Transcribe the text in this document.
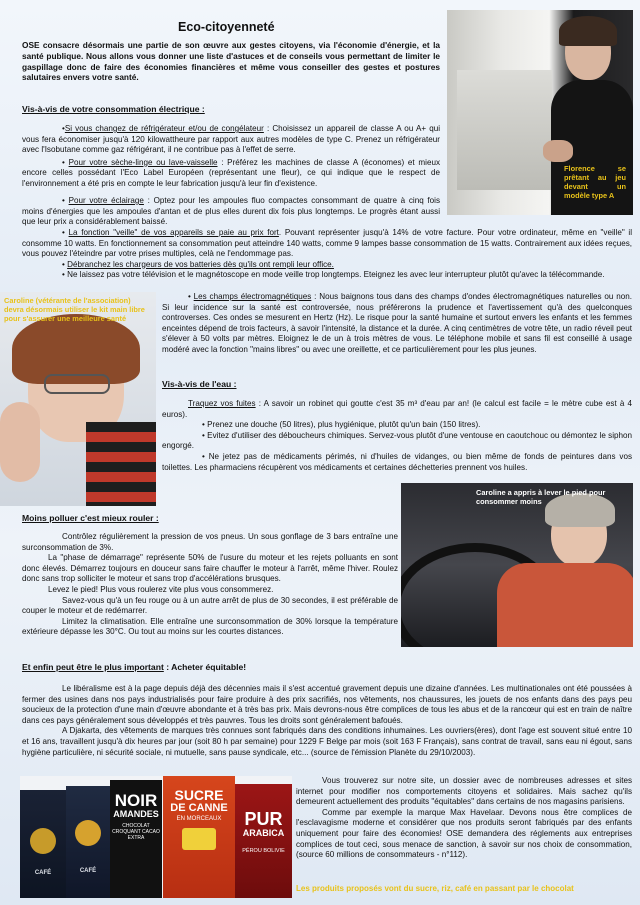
Eco-citoyenneté
OSE consacre désormais une partie de son œuvre aux gestes citoyens, via l'économie d'énergie, et la santé publique. Nous allons vous donner une liste d'astuces et de conseils vous permettant de limiter le gaspillage donc de faire des économies financières et même vous conseiller des gestes et postures salutaires envers votre santé.
Florence se prêtant au jeu devant un modèle type A
Vis-à-vis de votre consommation électrique :

•Si vous changez de réfrigérateur et/ou de congélateur : Choisissez un appareil de classe A ou A+ qui vous fera économiser jusqu'à 120 kilowattheure par rapport aux autres modèles de type C. Prenez un réfrigérateur avec l'Isobutane comme gaz réfrigérant, il ne contribue pas à l'effet de serre.

• Pour votre sèche-linge ou lave-vaisselle : Préférez les machines de classe A (économes) et mieux encore celles possédant l'Eco Label Européen (représentant une fleur), ce qui indique que le respect de l'environnement a été pris en compte le leur fabrication jusqu'à leur fin d'existence.

• Pour votre éclairage : Optez pour les ampoules fluo compactes consommant de quatre à cinq fois moins d'énergies que les ampoules d'antan et de plus elles durent dix fois plus longtemps. Le progrès étant aussi que leur prix a considérablement baissé.

• La fonction "veille" de vos appareils se paie au prix fort. Pouvant représenter jusqu'à 14% de votre facture. Pour votre ordinateur, même en "veille" il consomme 10 watts. En fonctionnement sa consommation peut atteindre 140 watts, comme 9 lampes basse consommation de 15 watts. Contrairement aux idées reçues, vous pouvez l'éteindre par votre prises multiples, celà ne l'endommage pas.

• Débranchez les chargeurs de vos batteries dès qu'ils ont rempli leur office.

• Ne laissez pas votre télévision et le magnétoscope en mode veille trop longtemps. Eteignez les avec leur interrupteur plutôt qu'avec la télécommande.

Caroline (vétérante de l'association) devra désormais utiliser le kit main libre pour s'assurer une meilleure santé

• Les champs électromagnétiques : Nous baignons tous dans des champs d'ondes électromagnétiques naturelles ou non. Si leur incidence sur la santé est controversée, nous préférerons la prudence et l'avertissement qu'à des quelconques controverses. Ces ondes se mesurent en Hertz (Hz). Le risque pour la santé humaine et surtout envers les enfants et les femmes enceintes dépend de trois facteurs, à savoir l'intensité, la distance et la durée. A cinq centimètres de votre tête, un radio réveil peut s'élever à 50 volts par mètres. Eloignez le de un à trois mètres de vous. Le téléphone mobile et sans fil est conseillé à usage modéré avec la fonction "mains libres" ou avec une oreillette, et ce particulièrement pour les plus jeunes.

Vis-à-vis de l'eau :

Traquez vos fuites : A savoir un robinet qui goutte c'est 35 m³ d'eau par an! (le calcul est facile = le mètre cube est à 4 euros).

• Prenez une douche (50 litres), plus hygiénique, plutôt qu'un bain (150 litres).

• Evitez d'utiliser des déboucheurs chimiques. Servez-vous plutôt d'une ventouse en caoutchouc ou démontez le siphon engorgé.

• Ne jetez pas de médicaments périmés, ni d'huiles de vidanges, ou bien même de fonds de peintures dans vos toilettes. Les pharmaciens récupèrent vos médicaments et certaines déchetteries prennent vos huiles.

Caroline a appris à lever le pied pour consommer moins
Moins polluer c'est mieux rouler :

Contrôlez régulièrement la pression de vos pneus. Un sous gonflage de 3 bars entraîne une surconsommation de 3%.

La "phase de démarrage" représente 50% de l'usure du moteur et les rejets polluants en sont donc élevés. Démarrez toujours en douceur sans faire chauffer le moteur à l'arrêt, même l'hiver. Roulez donc sans trop solliciter le moteur et sans trop d'accélérations brusques.

Levez le pied! Plus vous roulerez vite plus vous consommerez.

Savez-vous qu'à un feu rouge ou à un autre arrêt de plus de 30 secondes, il est préférable de couper le moteur et de redémarrer.

Limitez la climatisation. Elle entraîne une surconsommation de 30% lorsque la température extérieure dépasse les 30°C. Ou tout au moins sur les courtes distances.

Et enfin peut être le plus important : Acheter équitable!

Le libéralisme est à la page depuis déjà des décennies mais il s'est accentué gravement depuis une dizaine d'années. Les multinationales ont été poussées à fermer des usines dans nos pays industrialisés pour faire produire à des prix sacrifiés, nos vêtements, nos chaussures, les jouets de nos enfants dans des pays peu soucieux de la protection d'une main d'œuvre abondante et à très bas prix. Mais devrons-nous être complices de tous les abus et de la rancœur qui est en train de naître dans ces pays généralement sous développés et très pauvres. Tous les droits sont généralement bafoués.

A Djakarta, des vêtements de marques très connues sont fabriqués dans des conditions inhumaines. Les ouvriers(ères), dont l'age est souvent situé entre 10 et 16 ans, travaillent jusqu'à dix heures par jour (soit 80 h par semaine) pour 1229 F Belge par mois (soit 163 F Français), sans contrat de travail, sans eau ni égout, sans hygiène particulière, ni sécurité sociale, ni mutuelle, sans pause syndicale, etc... (source de l'émission Planète du 29/10/2003).

CAFÉ	CAFÉ
NOIR
AMANDES
CHOCOLAT CROQUANT CACAO EXTRA
SUCRE
DE CANNE
EN MORCEAUX	PUR
ARABICA
PÉROU BOLIVIE

Vous trouverez sur notre site, un dossier avec de nombreuses adresses et sites internet pour modifier nos comportements citoyens et solidaires. Mais sachez qu'ils demeurent actuellement des produits "équitables" dans certains de nos magasins parisiens.

Comme par exemple la marque Max Havelaar. Devons nous être complices de l'esclavagisme moderne et considérer que nos produits seront fabriqués par des enfants uniquement pour faire des économies! OSE demandera des réglements aux entreprises complices de tout ceci, sous menace de sanction, à savoir sur nos choix de consommation, (source 60 millions de consommateurs - n°112).

Les produits proposés vont du sucre, riz, café en passant par le chocolat
